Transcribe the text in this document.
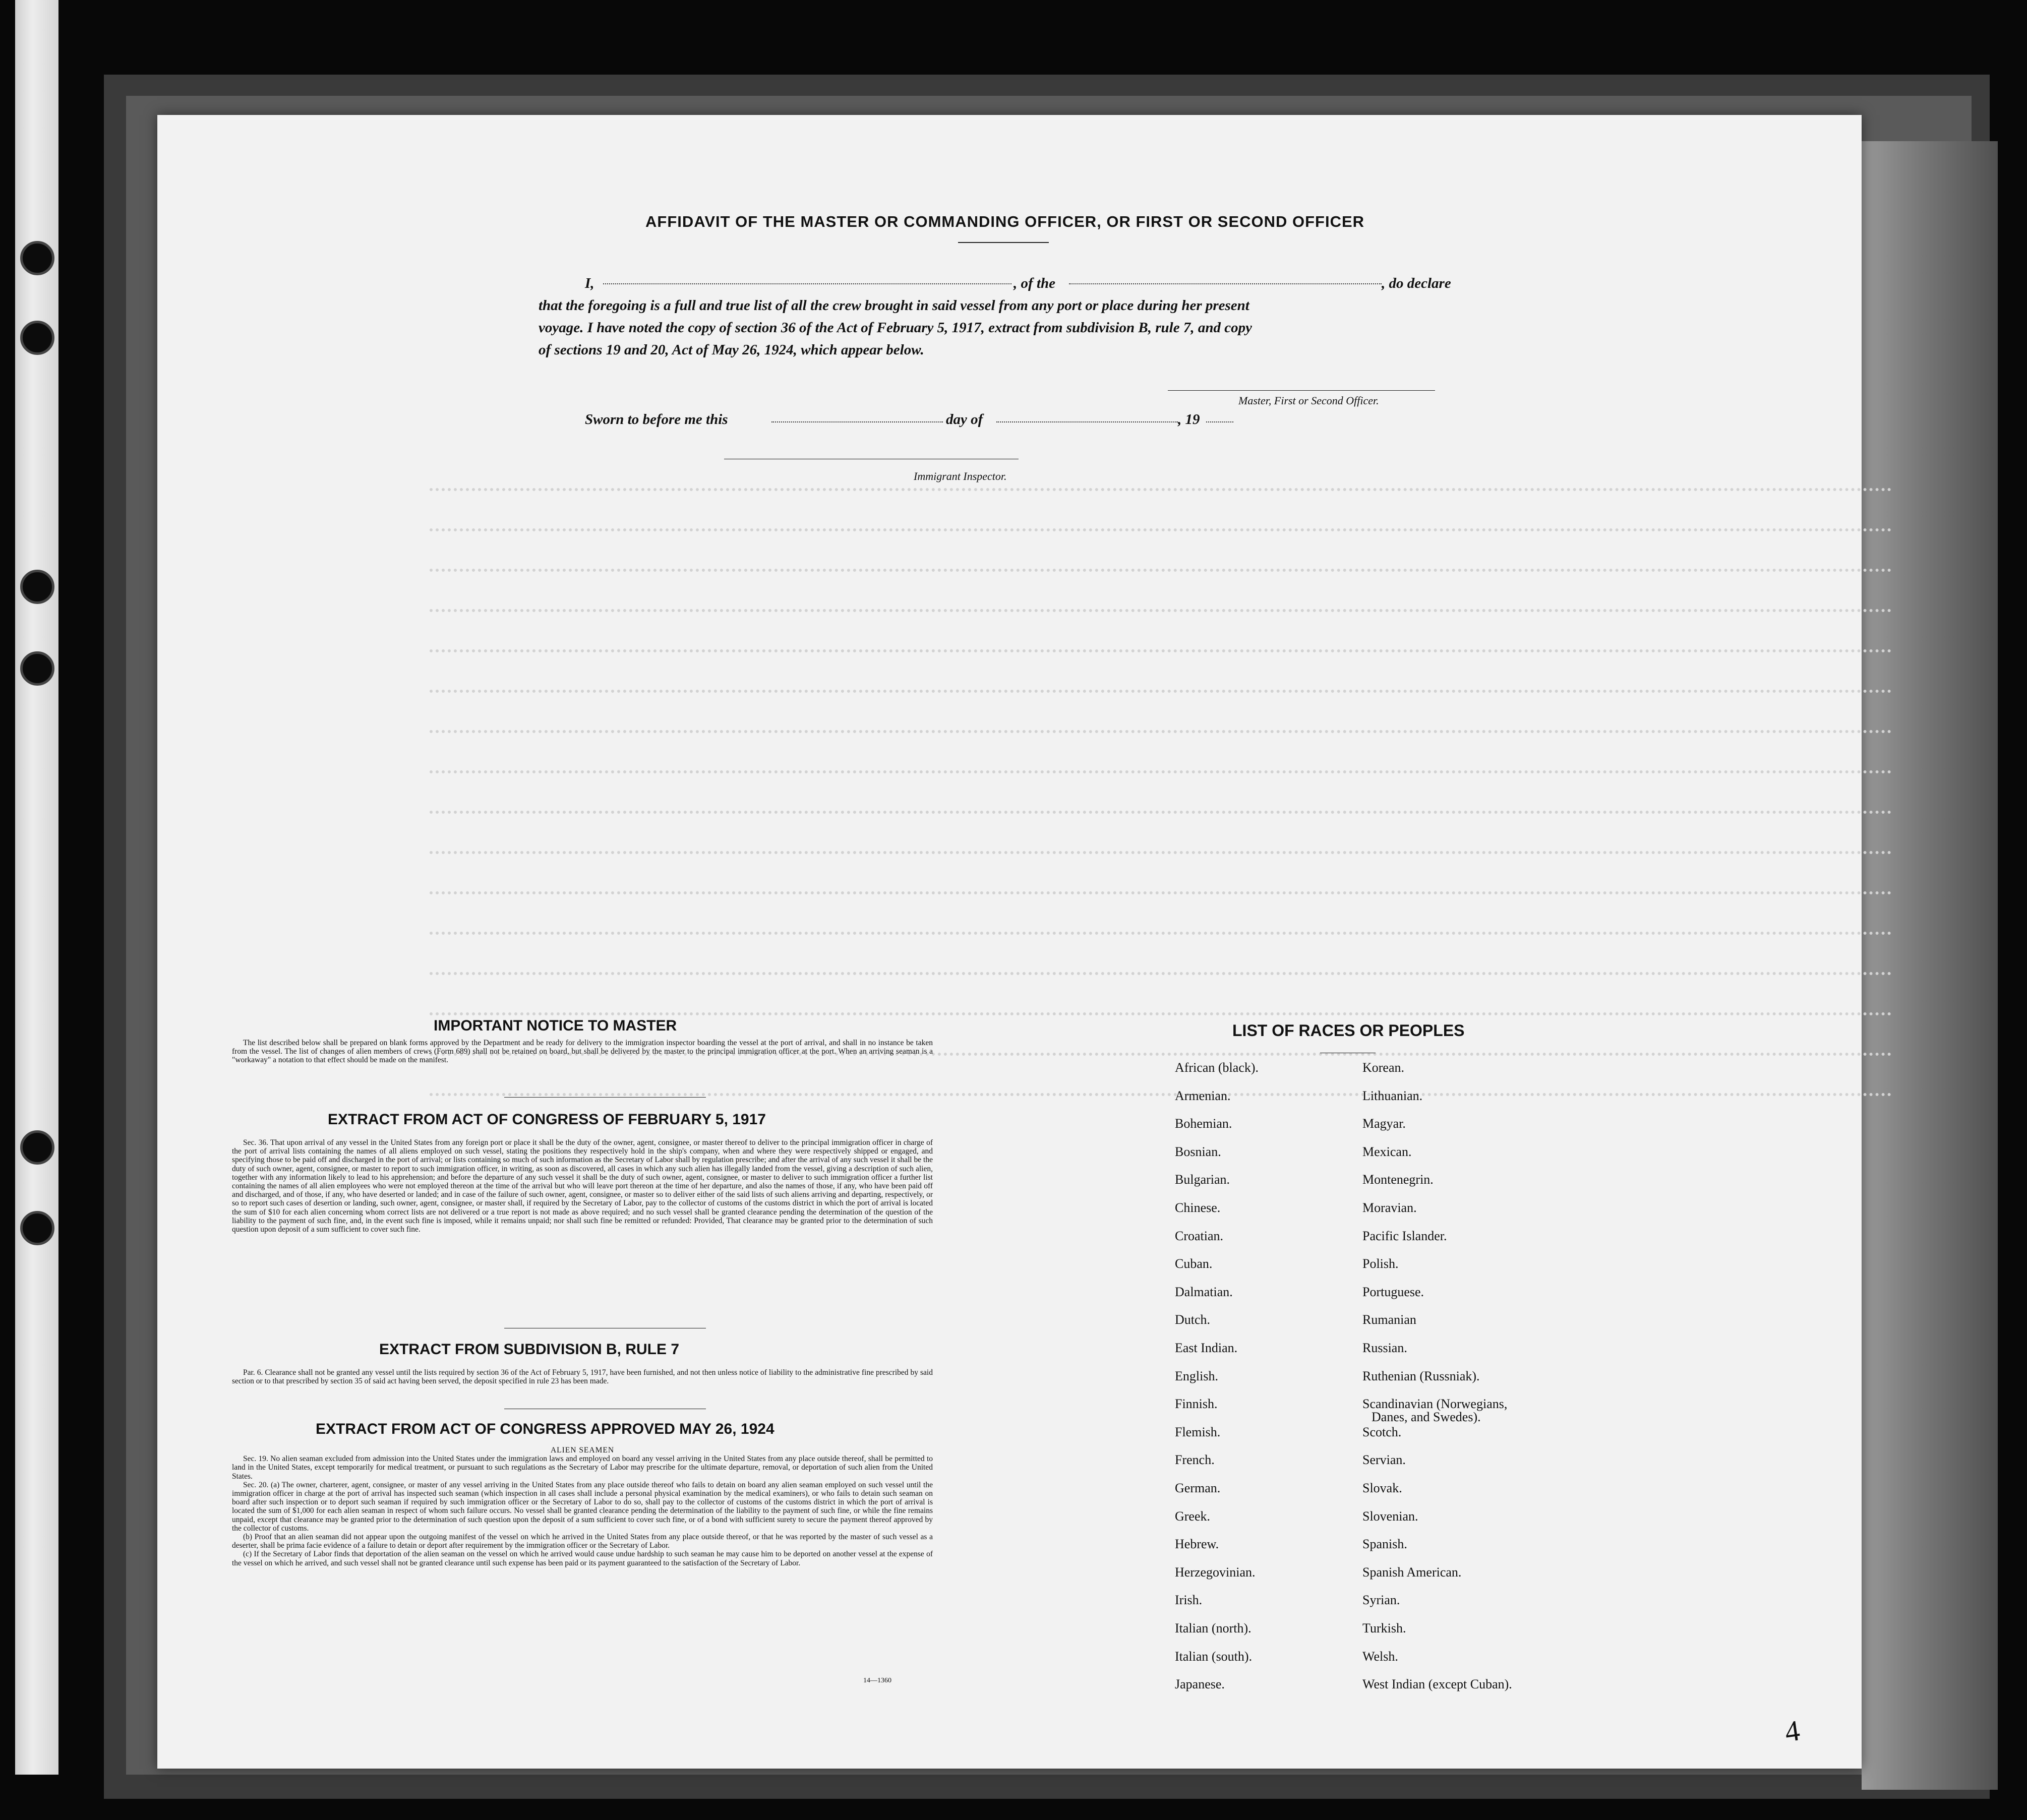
AFFIDAVIT OF THE MASTER OR COMMANDING OFFICER, OR FIRST OR SECOND OFFICER
I,	, of the	, do declare
that the foregoing is a full and true list of all the crew brought in said vessel from any port or place during her present
voyage. I have noted the copy of section 36 of the Act of February 5, 1917, extract from subdivision B, rule 7, and copy
of sections 19 and 20, Act of May 26, 1924, which appear below.
Master, First or Second Officer.
Sworn to before me this	day of	, 19
Immigrant Inspector.
IMPORTANT NOTICE TO MASTER

The list described below shall be prepared on blank forms approved by the Department and be ready for delivery to the immigration inspector boarding the vessel at the port of arrival, and shall in no instance be taken from the vessel. The list of changes of alien members of crews (Form 689) shall not be retained on board, but shall be delivered by the master to the principal immigration officer at the port. When an arriving seaman is a "workaway" a notation to that effect should be made on the manifest.

EXTRACT FROM ACT OF CONGRESS OF FEBRUARY 5, 1917

Sec. 36. That upon arrival of any vessel in the United States from any foreign port or place it shall be the duty of the owner, agent, consignee, or master thereof to deliver to the principal immigration officer in charge of the port of arrival lists containing the names of all aliens employed on such vessel, stating the positions they respectively hold in the ship's company, when and where they were respectively shipped or engaged, and specifying those to be paid off and discharged in the port of arrival; or lists containing so much of such information as the Secretary of Labor shall by regulation prescribe; and after the arrival of any such vessel it shall be the duty of such owner, agent, consignee, or master to report to such immigration officer, in writing, as soon as discovered, all cases in which any such alien has illegally landed from the vessel, giving a description of such alien, together with any information likely to lead to his apprehension; and before the departure of any such vessel it shall be the duty of such owner, agent, consignee, or master to deliver to such immigration officer a further list containing the names of all alien employees who were not employed thereon at the time of the arrival but who will leave port thereon at the time of her departure, and also the names of those, if any, who have been paid off and discharged, and of those, if any, who have deserted or landed; and in case of the failure of such owner, agent, consignee, or master so to deliver either of the said lists of such aliens arriving and departing, respectively, or so to report such cases of desertion or landing, such owner, agent, consignee, or master shall, if required by the Secretary of Labor, pay to the collector of customs of the customs district in which the port of arrival is located the sum of $10 for each alien concerning whom correct lists are not delivered or a true report is not made as above required; and no such vessel shall be granted clearance pending the determination of the question of the liability to the payment of such fine, and, in the event such fine is imposed, while it remains unpaid; nor shall such fine be remitted or refunded: Provided, That clearance may be granted prior to the determination of such question upon deposit of a sum sufficient to cover such fine.

EXTRACT FROM SUBDIVISION B, RULE 7

Par. 6. Clearance shall not be granted any vessel until the lists required by section 36 of the Act of February 5, 1917, have been furnished, and not then unless notice of liability to the administrative fine prescribed by said section or to that prescribed by section 35 of said act having been served, the deposit specified in rule 23 has been made.

EXTRACT FROM ACT OF CONGRESS APPROVED MAY 26, 1924

ALIEN SEAMEN

Sec. 19. No alien seaman excluded from admission into the United States under the immigration laws and employed on board any vessel arriving in the United States from any place outside thereof, shall be permitted to land in the United States, except temporarily for medical treatment, or pursuant to such regulations as the Secretary of Labor may prescribe for the ultimate departure, removal, or deportation of such alien from the United States.

Sec. 20. (a) The owner, charterer, agent, consignee, or master of any vessel arriving in the United States from any place outside thereof who fails to detain on board any alien seaman employed on such vessel until the immigration officer in charge at the port of arrival has inspected such seaman (which inspection in all cases shall include a personal physical examination by the medical examiners), or who fails to detain such seaman on board after such inspection or to deport such seaman if required by such immigration officer or the Secretary of Labor to do so, shall pay to the collector of customs of the customs district in which the port of arrival is located the sum of $1,000 for each alien seaman in respect of whom such failure occurs. No vessel shall be granted clearance pending the determination of the liability to the payment of such fine, or while the fine remains unpaid, except that clearance may be granted prior to the determination of such question upon the deposit of a sum sufficient to cover such fine, or of a bond with sufficient surety to secure the payment thereof approved by the collector of customs.

(b) Proof that an alien seaman did not appear upon the outgoing manifest of the vessel on which he arrived in the United States from any place outside thereof, or that he was reported by the master of such vessel as a deserter, shall be prima facie evidence of a failure to detain or deport after requirement by the immigration officer or the Secretary of Labor.

(c) If the Secretary of Labor finds that deportation of the alien seaman on the vessel on which he arrived would cause undue hardship to such seaman he may cause him to be deported on another vessel at the expense of the vessel on which he arrived, and such vessel shall not be granted clearance until such expense has been paid or its payment guaranteed to the satisfaction of the Secretary of Labor.

14—1360
LIST OF RACES OR PEOPLES
African (black).
Armenian.
Bohemian.
Bosnian.
Bulgarian.
Chinese.
Croatian.
Cuban.
Dalmatian.
Dutch.
East Indian.
English.
Finnish.
Flemish.
French.
German.
Greek.
Hebrew.
Herzegovinian.
Irish.
Italian (north).
Italian (south).
Japanese.
Korean.
Lithuanian.
Magyar.
Mexican.
Montenegrin.
Moravian.
Pacific Islander.
Polish.
Portuguese.
Rumanian
Russian.
Ruthenian (Russniak).
Scandinavian (Norwegians,
Danes, and Swedes).
Scotch.
Servian.
Slovak.
Slovenian.
Spanish.
Spanish American.
Syrian.
Turkish.
Welsh.
West Indian (except Cuban).
4
